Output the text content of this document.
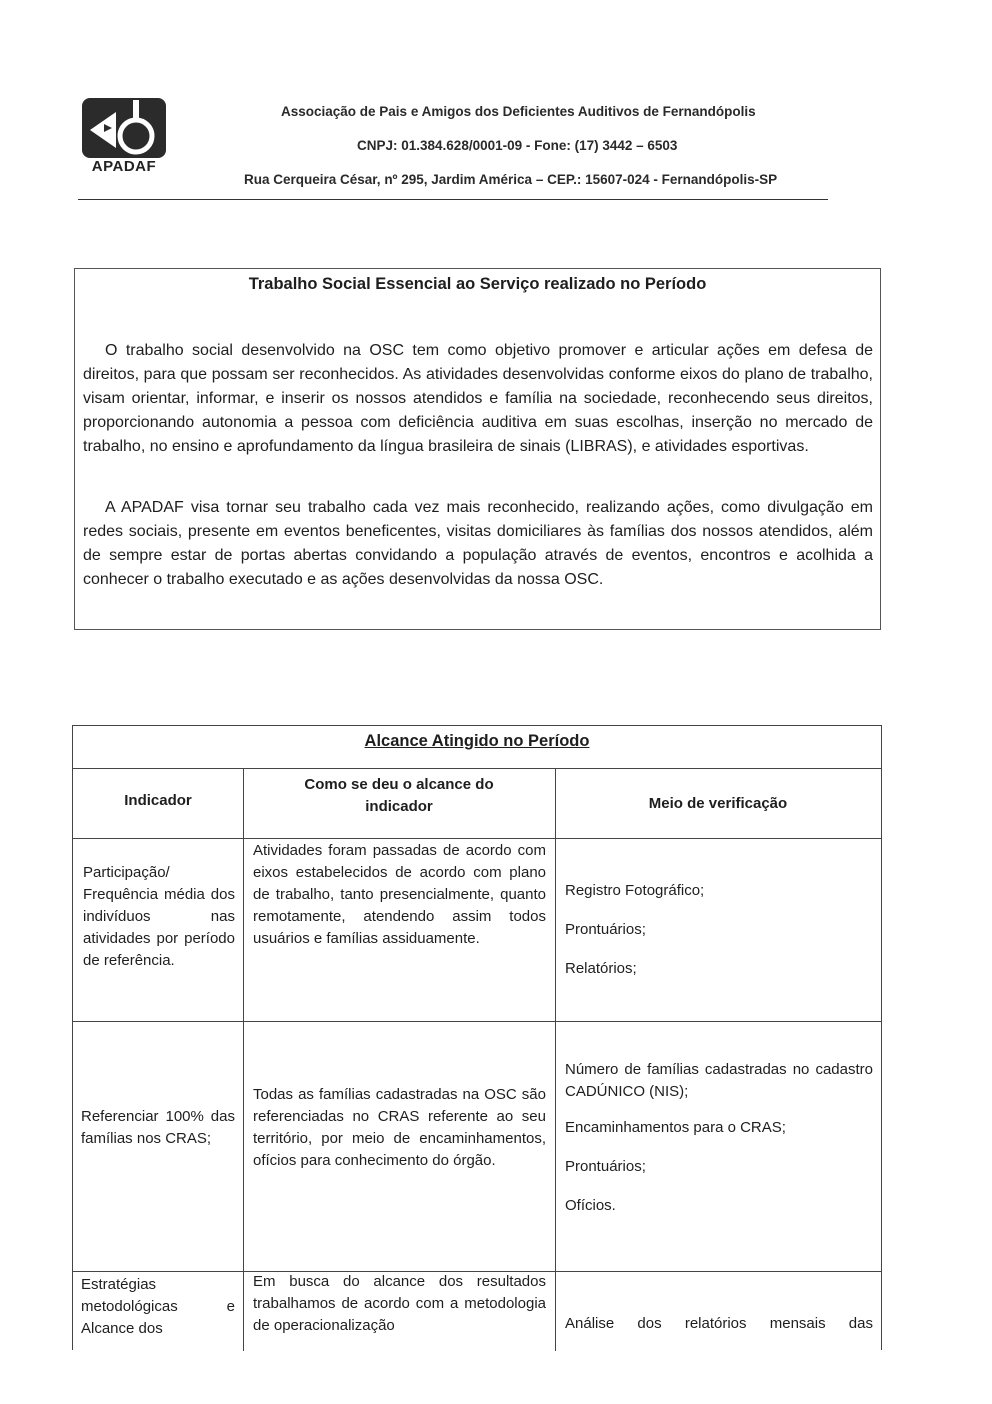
APADAF
Associação de Pais e Amigos dos Deficientes Auditivos de Fernandópolis
CNPJ: 01.384.628/0001-09 - Fone: (17) 3442 – 6503
Rua Cerqueira César, nº 295, Jardim América – CEP.: 15607-024 - Fernandópolis-SP
Trabalho Social Essencial ao Serviço realizado no Período
O trabalho social desenvolvido na OSC tem como objetivo promover e articular ações em defesa de direitos, para que possam ser reconhecidos. As atividades desenvolvidas conforme eixos do plano de trabalho, visam orientar, informar, e inserir os nossos atendidos e família na sociedade, reconhecendo seus direitos, proporcionando autonomia a pessoa com deficiência auditiva em suas escolhas, inserção no mercado de trabalho, no ensino e aprofundamento da língua brasileira de sinais (LIBRAS), e atividades esportivas.
A APADAF visa tornar seu trabalho cada vez mais reconhecido, realizando ações, como divulgação em redes sociais, presente em eventos beneficentes, visitas domiciliares às famílias dos nossos atendidos, além de sempre estar de portas abertas convidando a população através de eventos, encontros e acolhida a conhecer o trabalho executado e as ações desenvolvidas da nossa OSC.
Alcance Atingido no Período
Indicador
Como se deu o alcance do indicador	Meio de verificação
Participação/ Frequência média dos indivíduos nas atividades por período de referência.
Atividades foram passadas de acordo com eixos estabelecidos de acordo com plano de trabalho, tanto presencialmente, quanto remotamente, atendendo assim todos usuários e famílias assiduamente.

Registro Fotográfico;

Prontuários;

Relatórios;

Referenciar 100% das famílias nos CRAS;
Todas as famílias cadastradas na OSC são referenciadas no CRAS referente ao seu território, por meio de encaminhamentos, ofícios para conhecimento do órgão.

Número de famílias cadastradas no cadastro CADÚNICO (NIS);

Encaminhamentos para o CRAS;

Prontuários;

Ofícios.

Estratégias metodológicas e Alcance dos
Em busca do alcance dos resultados trabalhamos de acordo com a metodologia de operacionalização	Análise dos relatórios mensais das
